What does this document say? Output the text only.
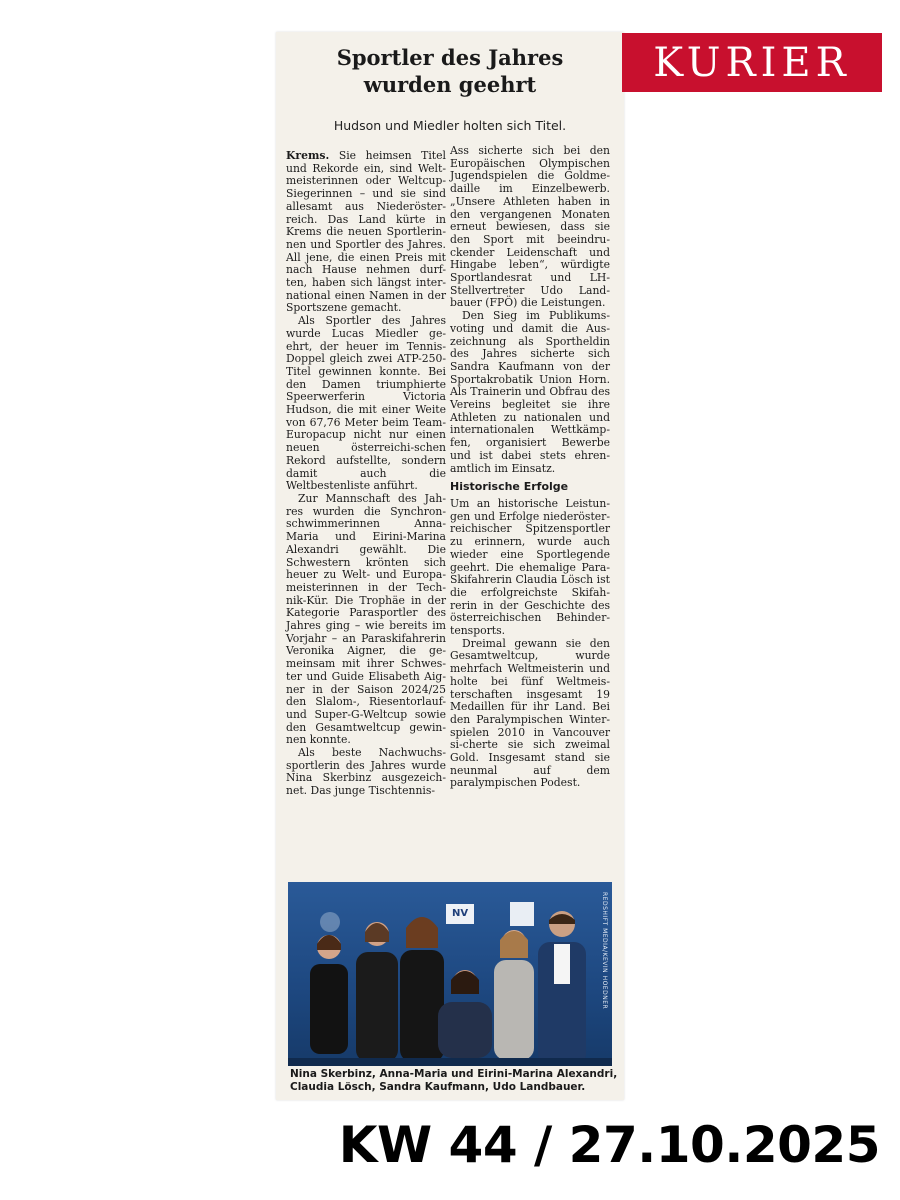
Sportler des Jahres
wurden geehrt
Hudson und Miedler holten sich Titel.

Krems. Sie heimsen Titel und Rekorde ein, sind Welt-meisterinnen oder Weltcup-Siegerinnen – und sie sind allesamt aus Niederöster-reich. Das Land kürte in Krems die neuen Sportlerin-nen und Sportler des Jahres. All jene, die einen Preis mit nach Hause nehmen durf-ten, haben sich längst inter-national einen Namen in der Sportszene gemacht.

Als Sportler des Jahres wurde Lucas Miedler ge-ehrt, der heuer im Tennis-Doppel gleich zwei ATP-250-Titel gewinnen konnte. Bei den Damen triumphierte Speerwerferin Victoria Hudson, die mit einer Weite von 67,76 Meter beim Team-Europacup nicht nur einen neuen österreichi-schen Rekord aufstellte, sondern damit auch die Weltbestenliste anführt.

Zur Mannschaft des Jah-res wurden die Synchron-schwimmerinnen Anna-Maria und Eirini-Marina Alexandri gewählt. Die Schwestern krönten sich heuer zu Welt- und Europa-meisterinnen in der Tech-nik-Kür. Die Trophäe in der Kategorie Parasportler des Jahres ging – wie bereits im Vorjahr – an Paraskifahrerin Veronika Aigner, die ge-meinsam mit ihrer Schwes-ter und Guide Elisabeth Aig-ner in der Saison 2024/25 den Slalom-, Riesentorlauf- und Super-G-Weltcup sowie den Gesamtweltcup gewin-nen konnte.

Als beste Nachwuchs-sportlerin des Jahres wurde Nina Skerbinz ausgezeich-net. Das junge Tischtennis-

Ass sicherte sich bei den Europäischen Olympischen Jugendspielen die Goldme-daille im Einzelbewerb. „Unsere Athleten haben in den vergangenen Monaten erneut bewiesen, dass sie den Sport mit beeindru-ckender Leidenschaft und Hingabe leben“, würdigte Sportlandesrat und LH-Stellvertreter Udo Land-bauer (FPÖ) die Leistungen.

Den Sieg im Publikums-voting und damit die Aus-zeichnung als Sportheldin des Jahres sicherte sich Sandra Kaufmann von der Sportakrobatik Union Horn. Als Trainerin und Obfrau des Vereins begleitet sie ihre Athleten zu nationalen und internationalen Wettkämp-fen, organisiert Bewerbe und ist dabei stets ehren-amtlich im Einsatz.

Historische Erfolge

Um an historische Leistun-gen und Erfolge niederöster-reichischer Spitzensportler zu erinnern, wurde auch wieder eine Sportlegende geehrt. Die ehemalige Para-Skifahrerin Claudia Lösch ist die erfolgreichste Skifah-rerin in der Geschichte des österreichischen Behinder-tensports.

Dreimal gewann sie den Gesamtweltcup, wurde mehrfach Weltmeisterin und holte bei fünf Weltmeis-terschaften insgesamt 19 Medaillen für ihr Land. Bei den Paralympischen Winter-spielen 2010 in Vancouver si-cherte sie sich zweimal Gold. Insgesamt stand sie neunmal auf dem paralympischen Podest.

NV	REDSHIFT MEDIA/KEVIN HOEDNER
Nina Skerbinz, Anna-Maria und Eirini-Marina Alexandri, Claudia Lösch, Sandra Kaufmann, Udo Landbauer.
KURIER
KW 44 / 27.10.2025
